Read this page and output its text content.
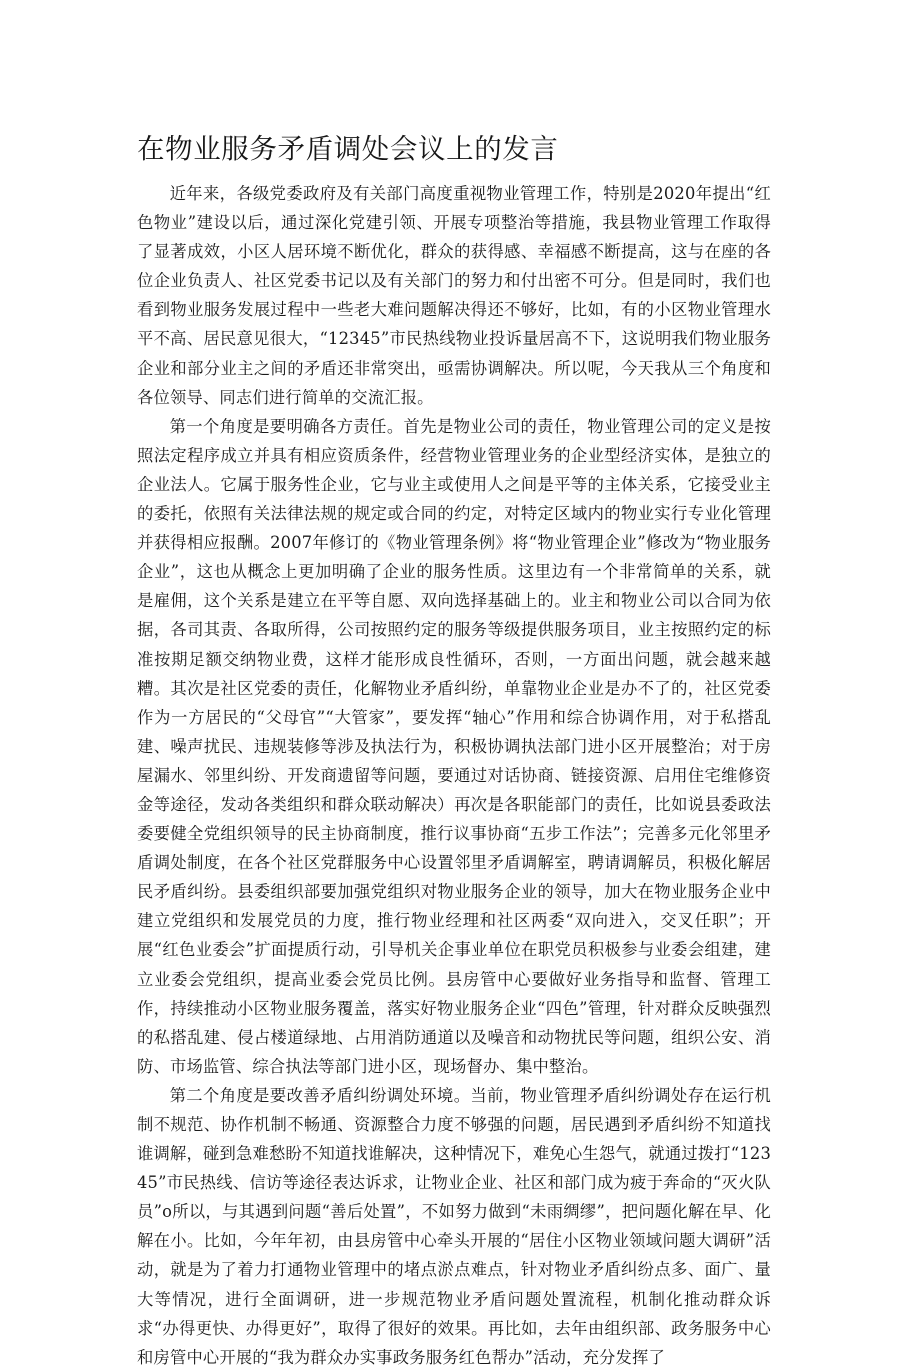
在物业服务矛盾调处会议上的发言

近年来，各级党委政府及有关部门高度重视物业管理工作，特别是2020年提出“红色物业”建设以后，通过深化党建引领、开展专项整治等措施，我县物业管理工作取得了显著成效，小区人居环境不断优化，群众的获得感、幸福感不断提高，这与在座的各位企业负责人、社区党委书记以及有关部门的努力和付出密不可分。但是同时，我们也看到物业服务发展过程中一些老大难问题解决得还不够好，比如，有的小区物业管理水平不高、居民意见很大，“12345”市民热线物业投诉量居高不下，这说明我们物业服务企业和部分业主之间的矛盾还非常突出，亟需协调解决。所以呢，今天我从三个角度和各位领导、同志们进行简单的交流汇报。

第一个角度是要明确各方责任。首先是物业公司的责任，物业管理公司的定义是按照法定程序成立并具有相应资质条件，经营物业管理业务的企业型经济实体，是独立的企业法人。它属于服务性企业，它与业主或使用人之间是平等的主体关系，它接受业主的委托，依照有关法律法规的规定或合同的约定，对特定区域内的物业实行专业化管理并获得相应报酬。2007年修订的《物业管理条例》将“物业管理企业”修改为“物业服务企业”，这也从概念上更加明确了企业的服务性质。这里边有一个非常简单的关系，就是雇佣，这个关系是建立在平等自愿、双向选择基础上的。业主和物业公司以合同为依据，各司其责、各取所得，公司按照约定的服务等级提供服务项目，业主按照约定的标准按期足额交纳物业费，这样才能形成良性循环，否则，一方面出问题，就会越来越糟。其次是社区党委的责任，化解物业矛盾纠纷，单靠物业企业是办不了的，社区党委作为一方居民的“父母官”“大管家”，要发挥“轴心”作用和综合协调作用，对于私搭乱建、噪声扰民、违规装修等涉及执法行为，积极协调执法部门进小区开展整治；对于房屋漏水、邻里纠纷、开发商遗留等问题，要通过对话协商、链接资源、启用住宅维修资金等途径，发动各类组织和群众联动解决）再次是各职能部门的责任，比如说县委政法委要健全党组织领导的民主协商制度，推行议事协商“五步工作法”；完善多元化邻里矛盾调处制度，在各个社区党群服务中心设置邻里矛盾调解室，聘请调解员，积极化解居民矛盾纠纷。县委组织部要加强党组织对物业服务企业的领导，加大在物业服务企业中建立党组织和发展党员的力度，推行物业经理和社区两委“双向进入，交叉任职”；开展“红色业委会”扩面提质行动，引导机关企事业单位在职党员积极参与业委会组建，建立业委会党组织，提高业委会党员比例。县房管中心要做好业务指导和监督、管理工作，持续推动小区物业服务覆盖，落实好物业服务企业“四色”管理，针对群众反映强烈的私搭乱建、侵占楼道绿地、占用消防通道以及噪音和动物扰民等问题，组织公安、消防、市场监管、综合执法等部门进小区，现场督办、集中整治。

第二个角度是要改善矛盾纠纷调处环境。当前，物业管理矛盾纠纷调处存在运行机制不规范、协作机制不畅通、资源整合力度不够强的问题，居民遇到矛盾纠纷不知道找谁调解，碰到急难愁盼不知道找谁解决，这种情况下，难免心生怨气，就通过拨打“12345”市民热线、信访等途径表达诉求，让物业企业、社区和部门成为疲于奔命的“灭火队员”o所以，与其遇到问题“善后处置”，不如努力做到“未雨绸缪”，把问题化解在早、化解在小。比如，今年年初，由县房管中心牵头开展的“居住小区物业领域问题大调研”活动，就是为了着力打通物业管理中的堵点淤点难点，针对物业矛盾纠纷点多、面广、量大等情况，进行全面调研，进一步规范物业矛盾问题处置流程，机制化推动群众诉求“办得更快、办得更好”，取得了很好的效果。再比如，去年由组织部、政务服务中心和房管中心开展的“我为群众办实事政务服务红色帮办”活动，充分发挥了
